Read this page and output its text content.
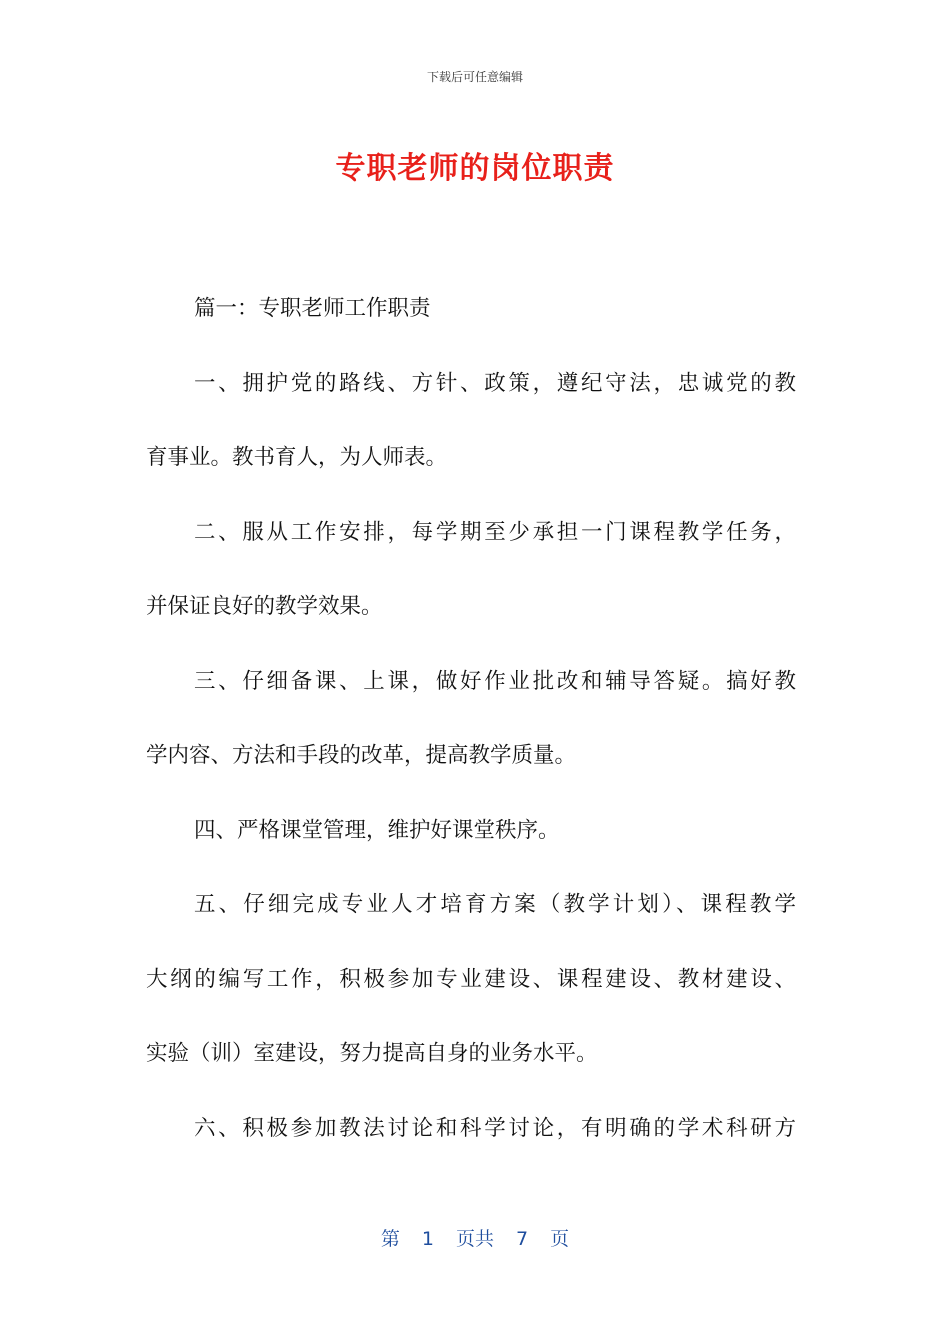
下载后可任意编辑
专职老师的岗位职责
篇一：专职老师工作职责
一、拥护党的路线、方针、政策，遵纪守法，忠诚党的教
育事业。教书育人，为人师表。
二、服从工作安排，每学期至少承担一门课程教学任务，
并保证良好的教学效果。
三、仔细备课、上课，做好作业批改和辅导答疑。搞好教
学内容、方法和手段的改革，提高教学质量。
四、严格课堂管理，维护好课堂秩序。
五、仔细完成专业人才培育方案（教学计划）、课程教学
大纲的编写工作，积极参加专业建设、课程建设、教材建设、
实验（训）室建设，努力提高自身的业务水平。
六、积极参加教法讨论和科学讨论，有明确的学术科研方
第 1 页共 7 页
